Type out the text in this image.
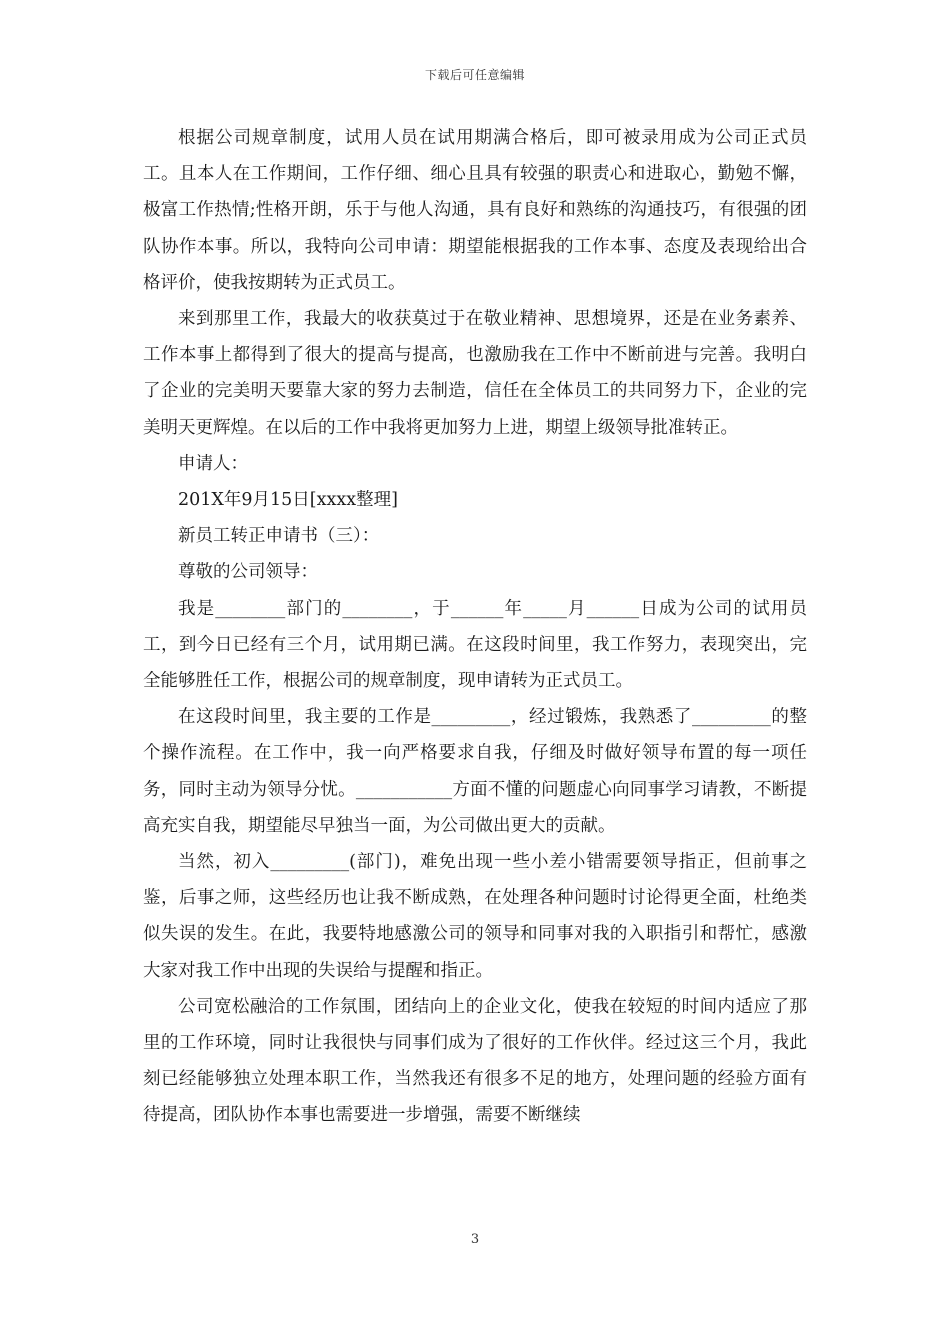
下载后可任意编辑

根据公司规章制度，试用人员在试用期满合格后，即可被录用成为公司正式员工。且本人在工作期间，工作仔细、细心且具有较强的职责心和进取心，勤勉不懈，极富工作热情;性格开朗，乐于与他人沟通，具有良好和熟练的沟通技巧，有很强的团队协作本事。所以，我特向公司申请：期望能根据我的工作本事、态度及表现给出合格评价，使我按期转为正式员工。

来到那里工作，我最大的收获莫过于在敬业精神、思想境界，还是在业务素养、工作本事上都得到了很大的提高与提高，也激励我在工作中不断前进与完善。我明白了企业的完美明天要靠大家的努力去制造，信任在全体员工的共同努力下，企业的完美明天更辉煌。在以后的工作中我将更加努力上进，期望上级领导批准转正。

申请人：

201X年9月15日[xxxx整理]

新员工转正申请书（三）：

尊敬的公司领导：

我是________部门的________，于______年_____月______日成为公司的试用员工，到今日已经有三个月，试用期已满。在这段时间里，我工作努力，表现突出，完全能够胜任工作，根据公司的规章制度，现申请转为正式员工。

在这段时间里，我主要的工作是_________，经过锻炼，我熟悉了_________的整个操作流程。在工作中，我一向严格要求自我，仔细及时做好领导布置的每一项任务，同时主动为领导分忧。___________方面不懂的问题虚心向同事学习请教，不断提高充实自我，期望能尽早独当一面，为公司做出更大的贡献。

当然，初入_________(部门)，难免出现一些小差小错需要领导指正，但前事之鉴，后事之师，这些经历也让我不断成熟，在处理各种问题时讨论得更全面，杜绝类似失误的发生。在此，我要特地感激公司的领导和同事对我的入职指引和帮忙，感激大家对我工作中出现的失误给与提醒和指正。

公司宽松融洽的工作氛围，团结向上的企业文化，使我在较短的时间内适应了那里的工作环境，同时让我很快与同事们成为了很好的工作伙伴。经过这三个月，我此刻已经能够独立处理本职工作，当然我还有很多不足的地方，处理问题的经验方面有待提高，团队协作本事也需要进一步增强，需要不断继续

3
